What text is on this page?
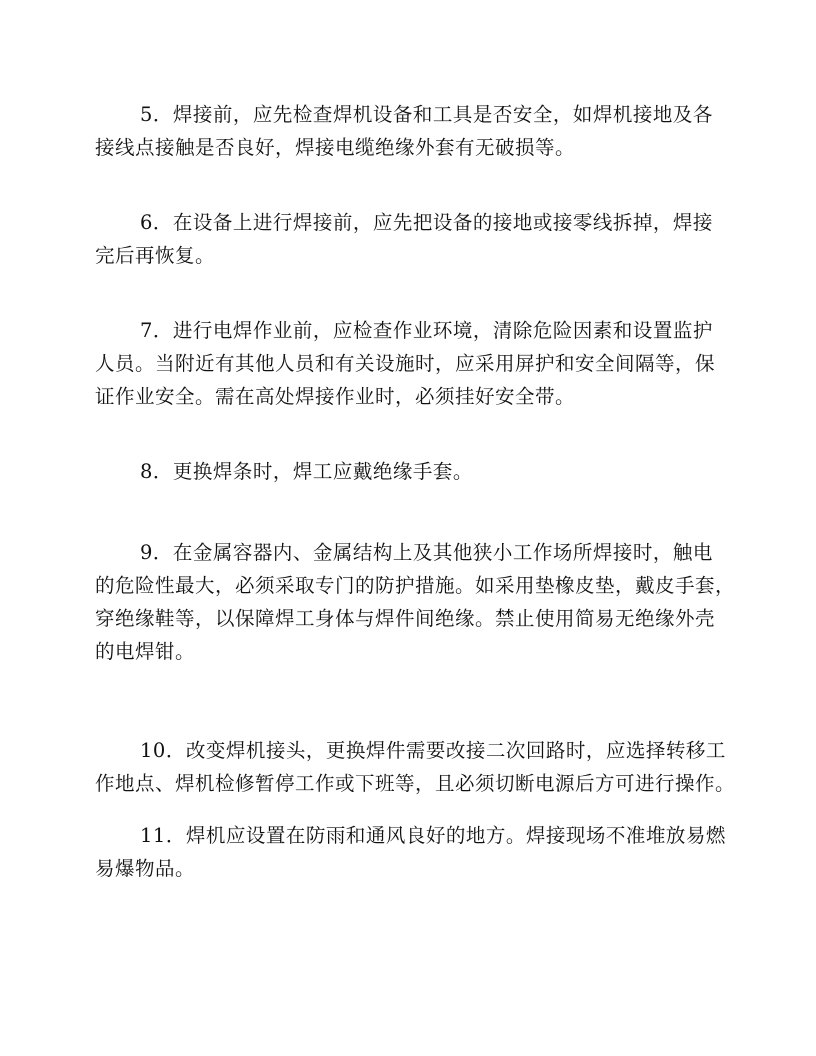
5．焊接前，应先检查焊机设备和工具是否安全，如焊机接地及各
接线点接触是否良好，焊接电缆绝缘外套有无破损等。
6．在设备上进行焊接前，应先把设备的接地或接零线拆掉，焊接
完后再恢复。
7．进行电焊作业前，应检查作业环境，清除危险因素和设置监护
人员。当附近有其他人员和有关设施时，应采用屏护和安全间隔等，保
证作业安全。需在高处焊接作业时，必须挂好安全带。
8．更换焊条时，焊工应戴绝缘手套。
9．在金属容器内、金属结构上及其他狭小工作场所焊接时，触电
的危险性最大，必须采取专门的防护措施。如采用垫橡皮垫，戴皮手套，
穿绝缘鞋等，以保障焊工身体与焊件间绝缘。禁止使用简易无绝缘外壳
的电焊钳。
10．改变焊机接头，更换焊件需要改接二次回路时，应选择转移工
作地点、焊机检修暂停工作或下班等，且必须切断电源后方可进行操作。
11．焊机应设置在防雨和通风良好的地方。焊接现场不准堆放易燃
易爆物品。
